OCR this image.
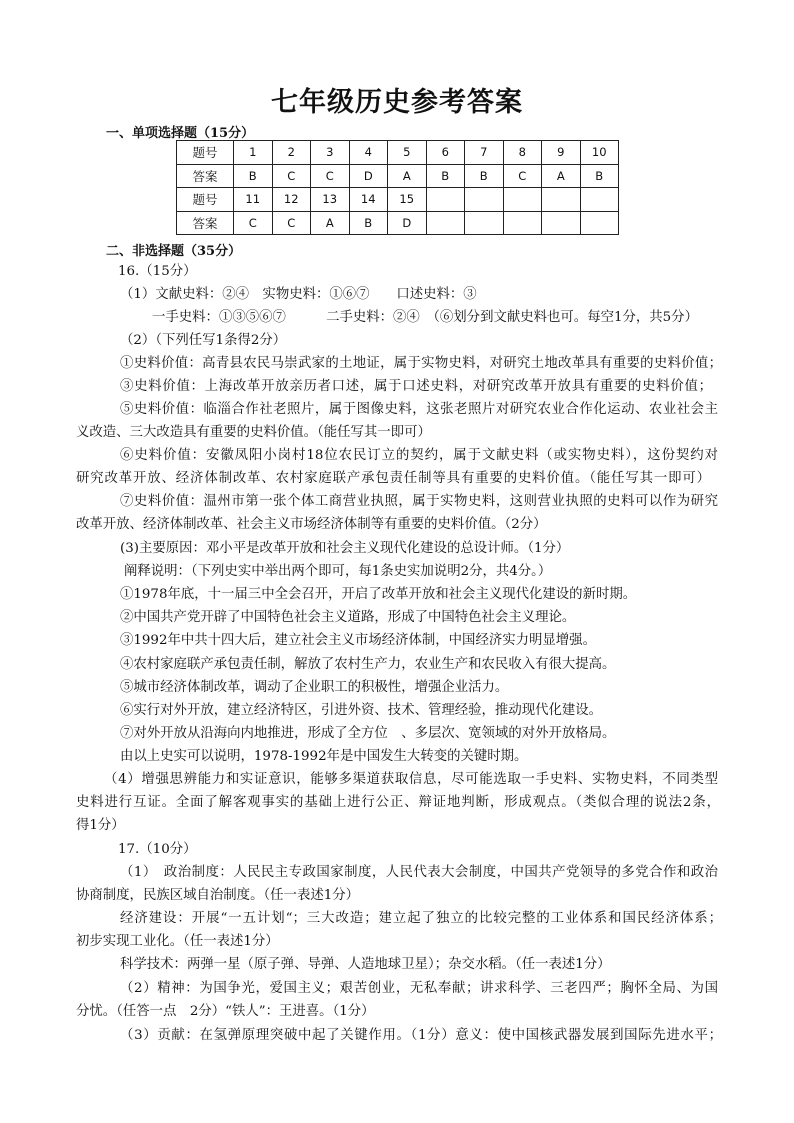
七年级历史参考答案
一、单项选择题（15分）
题号	1	2	3	4	5	6	7	8	9	10
答案	B	C	C	D	A	B	B	C	A	B
题号	11	12	13	14	15					
答案	C	C	A	B	D					
二、非选择题（35分）
16.（15分）
（1）文献史料：②④　实物史料：①⑥⑦　　口述史料：③
一手史料：①③⑤⑥⑦　　　二手史料：②④　（⑥划分到文献史料也可。每空1分，共5分）
（2）（下列任写1条得2分）
①史料价值：高青县农民马崇武家的土地证，属于实物史料，对研究土地改革具有重要的史料价值；
③史料价值：上海改革开放亲历者口述，属于口述史料，对研究改革开放具有重要的史料价值；
⑤史料价值：临淄合作社老照片，属于图像史料，这张老照片对研究农业合作化运动、农业社会主
义改造、三大改造具有重要的史料价值。（能任写其一即可）
⑥史料价值：安徽凤阳小岗村18位农民订立的契约，属于文献史料（或实物史料），这份契约对
研究改革开放、经济体制改革、农村家庭联产承包责任制等具有重要的史料价值。（能任写其一即可）
⑦史料价值：温州市第一张个体工商营业执照，属于实物史料，这则营业执照的史料可以作为研究
改革开放、经济体制改革、社会主义市场经济体制等有重要的史料价值。（2分）
(3)主要原因：邓小平是改革开放和社会主义现代化建设的总设计师。（1分）
阐释说明：（下列史实中举出两个即可，每1条史实加说明2分，共4分。）
①1978年底，十一届三中全会召开，开启了改革开放和社会主义现代化建设的新时期。
②中国共产党开辟了中国特色社会主义道路，形成了中国特色社会主义理论。
③1992年中共十四大后，建立社会主义市场经济体制，中国经济实力明显增强。
④农村家庭联产承包责任制，解放了农村生产力，农业生产和农民收入有很大提高。
⑤城市经济体制改革，调动了企业职工的积极性，增强企业活力。
⑥实行对外开放，建立经济特区，引进外资、技术、管理经验，推动现代化建设。
⑦对外开放从沿海向内地推进，形成了全方位　、多层次、宽领域的对外开放格局。
由以上史实可以说明，1978-1992年是中国发生大转变的关键时期。
（4）增强思辨能力和实证意识，能够多渠道获取信息，尽可能选取一手史料、实物史料，不同类型
史料进行互证。全面了解客观事实的基础上进行公正、辩证地判断，形成观点。（类似合理的说法2条，
得1分）
17.（10分）
（1）　政治制度：人民民主专政国家制度，人民代表大会制度，中国共产党领导的多党合作和政治
协商制度，民族区域自治制度。（任一表述1分）
经济建设：开展“一五计划“；三大改造；建立起了独立的比较完整的工业体系和国民经济体系；
初步实现工业化。（任一表述1分）
科学技术：两弹一星（原子弹、导弹、人造地球卫星）；杂交水稻。（任一表述1分）
（2）精神：为国争光，爱国主义；艰苦创业，无私奉献；讲求科学、三老四严；胸怀全局、为国
分忧。（任答一点　2分）“铁人”：王进喜。（1分）
（3）贡献：在氢弹原理突破中起了关键作用。（1分）意义：使中国核武器发展到国际先进水平；
